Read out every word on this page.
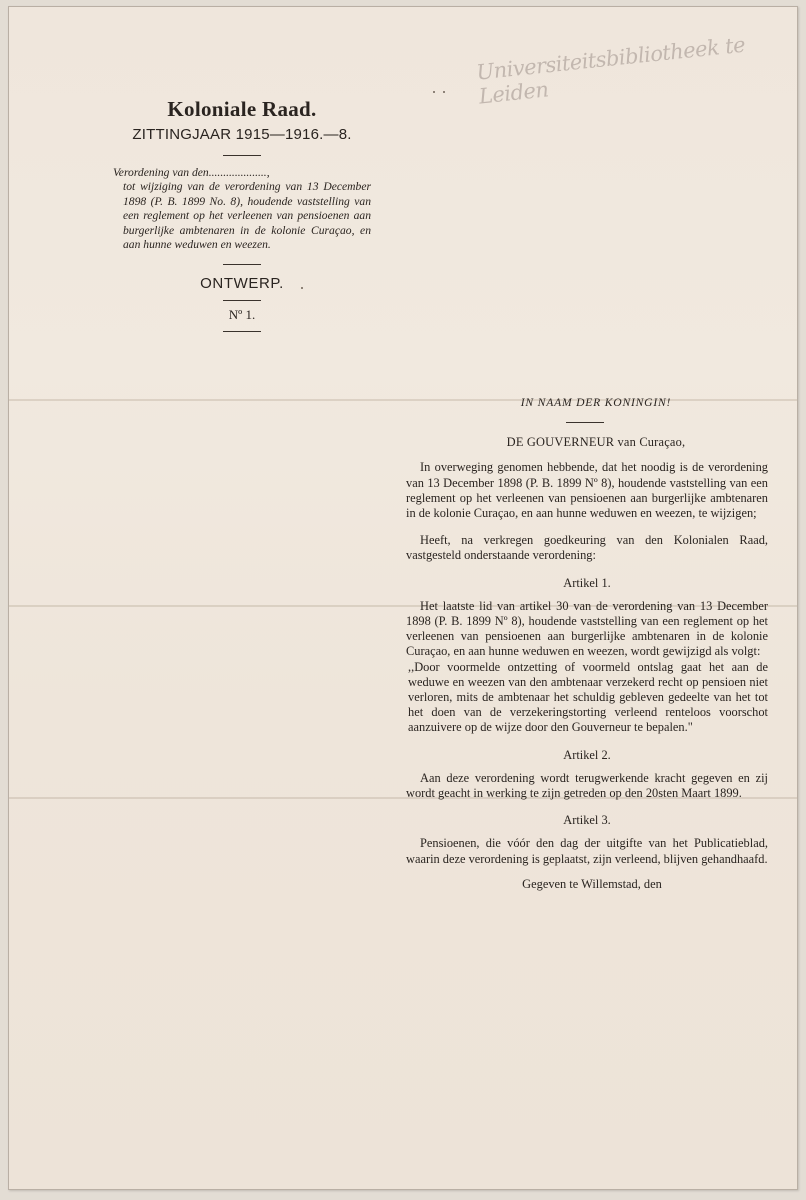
Universiteitsbibliotheek te Leiden
Koloniale Raad.
ZITTINGJAAR 1915—1916.—8.
Verordening van den....................,
tot wijziging van de verordening van 13 December 1898 (P. B. 1899 No. 8), houdende vaststelling van een reglement op het verleenen van pensioenen aan burgerlijke ambtenaren in de kolonie Curaçao, en aan hunne weduwen en weezen.
ONTWERP.
Nº 1.
IN NAAM DER KONINGIN!
DE GOUVERNEUR van Curaçao,

In overweging genomen hebbende, dat het noodig is de verordening van 13 December 1898 (P. B. 1899 Nº 8), houdende vaststelling van een reglement op het verleenen van pensioenen aan burgerlijke ambtenaren in de kolonie Curaçao, en aan hunne weduwen en weezen, te wijzigen;

Heeft, na verkregen goedkeuring van den Kolonialen Raad, vastgesteld onderstaande verordening:

Artikel 1.

Het laatste lid van artikel 30 van de verordening van 13 December 1898 (P. B. 1899 Nº 8), houdende vaststelling van een reglement op het verleenen van pensioenen aan burgerlijke ambtenaren in de kolonie Curaçao, en aan hunne weduwen en weezen, wordt gewijzigd als volgt:

,,Door voormelde ontzetting of voormeld ontslag gaat het aan de weduwe en weezen van den ambtenaar verzekerd recht op pensioen niet verloren, mits de ambtenaar het schuldig gebleven gedeelte van het tot het doen van de verzekeringstorting verleend renteloos voorschot aanzuivere op de wijze door den Gouverneur te bepalen."

Artikel 2.

Aan deze verordening wordt terugwerkende kracht gegeven en zij wordt geacht in werking te zijn getreden op den 20sten Maart 1899.

Artikel 3.

Pensioenen, die vóór den dag der uitgifte van het Publicatieblad, waarin deze verordening is geplaatst, zijn verleend, blijven gehandhaafd.

Gegeven te Willemstad, den
